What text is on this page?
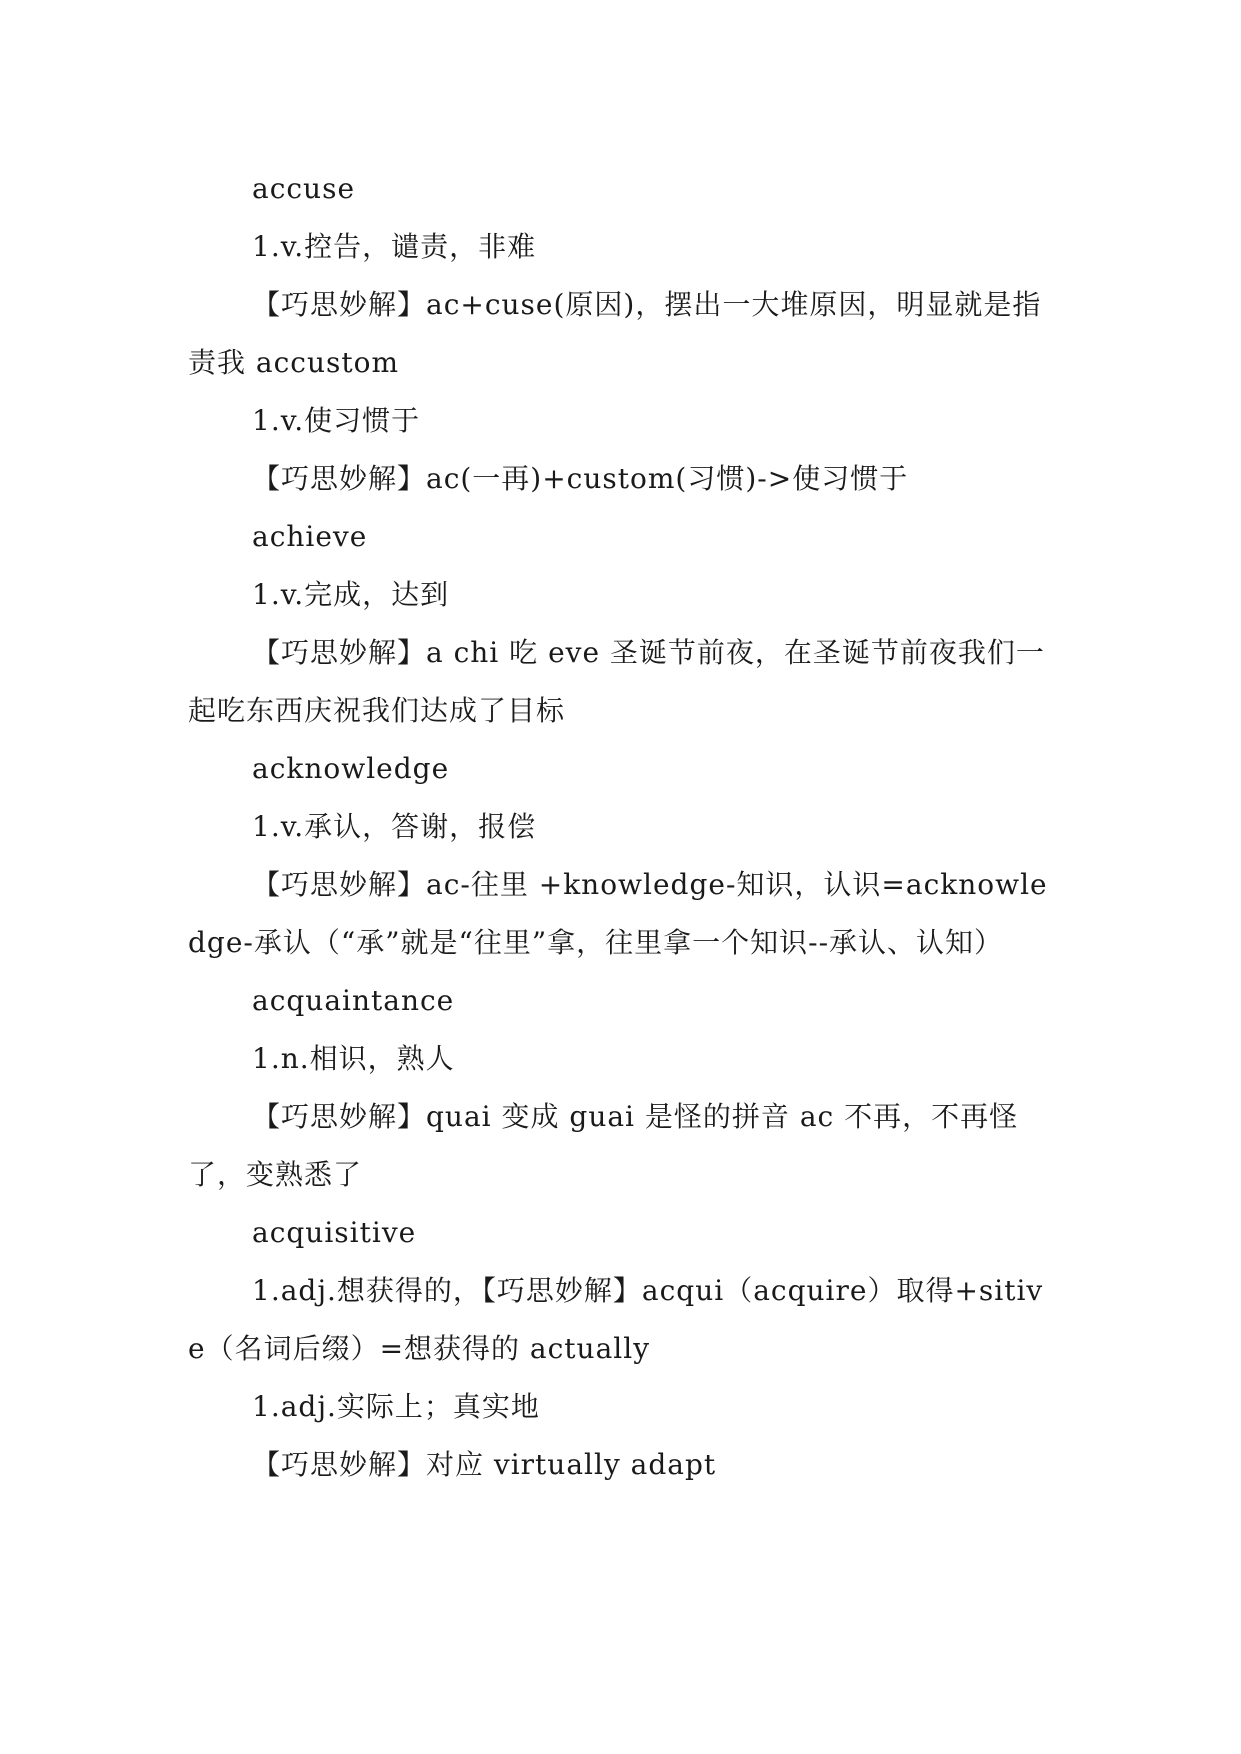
accuse

1.v.控告，谴责，非难

【巧思妙解】ac+cuse(原因)，摆出一大堆原因，明显就是指责我 accustom

1.v.使习惯于

【巧思妙解】ac(一再)+custom(习惯)->使习惯于

achieve

1.v.完成，达到

【巧思妙解】a chi 吃 eve 圣诞节前夜，在圣诞节前夜我们一起吃东西庆祝我们达成了目标

acknowledge

1.v.承认，答谢，报偿

【巧思妙解】ac-往里 +knowledge-知识，认识=acknowledge-承认（“承”就是“往里”拿，往里拿一个知识--承认、认知）

acquaintance

1.n.相识，熟人

【巧思妙解】quai 变成 guai 是怪的拼音 ac 不再，不再怪了，变熟悉了

acquisitive

1.adj.想获得的，【巧思妙解】acqui（acquire）取得+sitive（名词后缀）=想获得的 actually

1.adj.实际上；真实地

【巧思妙解】对应 virtually adapt
